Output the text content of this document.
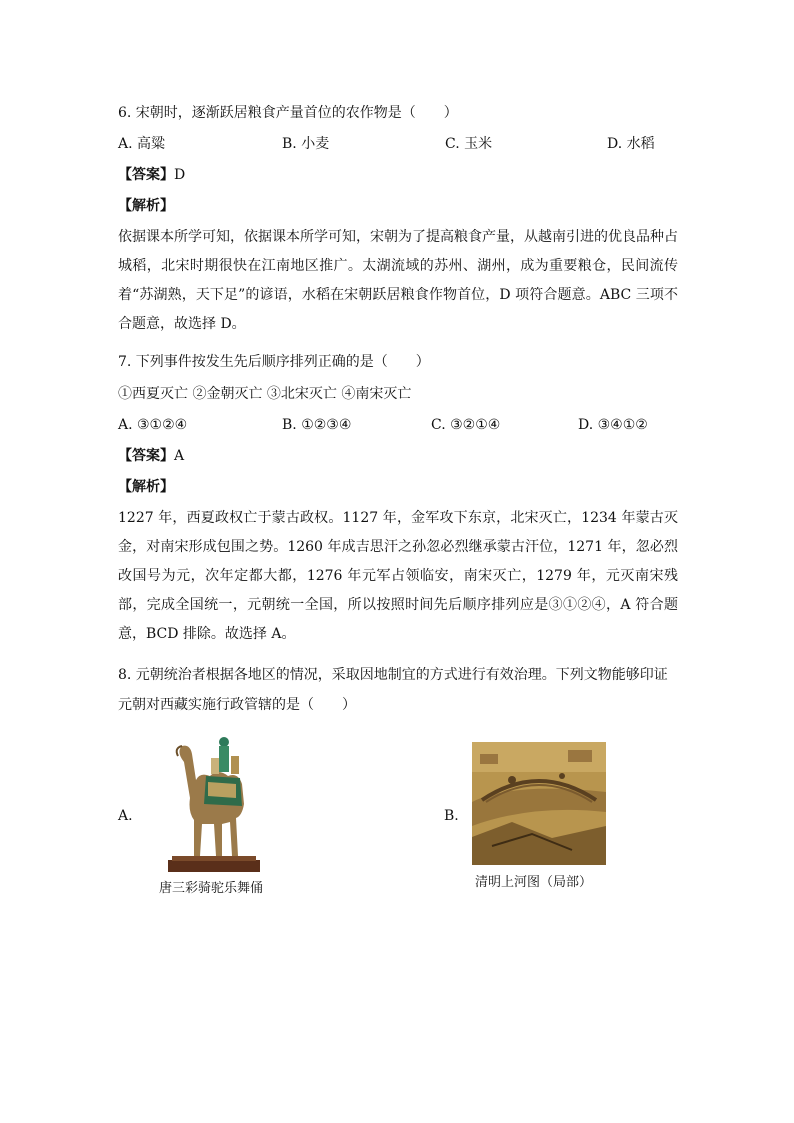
6. 宋朝时，逐渐跃居粮食产量首位的农作物是（　　）
A. 高粱	B. 小麦	C. 玉米	D. 水稻
【答案】D
【解析】
依据课本所学可知，依据课本所学可知，宋朝为了提高粮食产量，从越南引进的优良品种占城稻，北宋时期很快在江南地区推广。太湖流域的苏州、湖州，成为重要粮仓，民间流传着“苏湖熟，天下足”的谚语，水稻在宋朝跃居粮食作物首位，D 项符合题意。ABC 三项不合题意，故选择 D。
7. 下列事件按发生先后顺序排列正确的是（　　）
①西夏灭亡 ②金朝灭亡 ③北宋灭亡 ④南宋灭亡
A. ③①②④	B. ①②③④	C. ③②①④	D. ③④①②
【答案】A
【解析】
1227 年，西夏政权亡于蒙古政权。1127 年，金军攻下东京，北宋灭亡，1234 年蒙古灭金，对南宋形成包围之势。1260 年成吉思汗之孙忽必烈继承蒙古汗位，1271 年，忽必烈改国号为元，次年定都大都，1276 年元军占领临安，南宋灭亡，1279 年，元灭南宋残部，完成全国统一，元朝统一全国，所以按照时间先后顺序排列应是③①②④，A 符合题意，BCD 排除。故选择 A。
8. 元朝统治者根据各地区的情况，采取因地制宜的方式进行有效治理。下列文物能够印证
元朝对西藏实施行政管辖的是（　　）
A.
唐三彩骑驼乐舞俑
B.
清明上河图（局部）
